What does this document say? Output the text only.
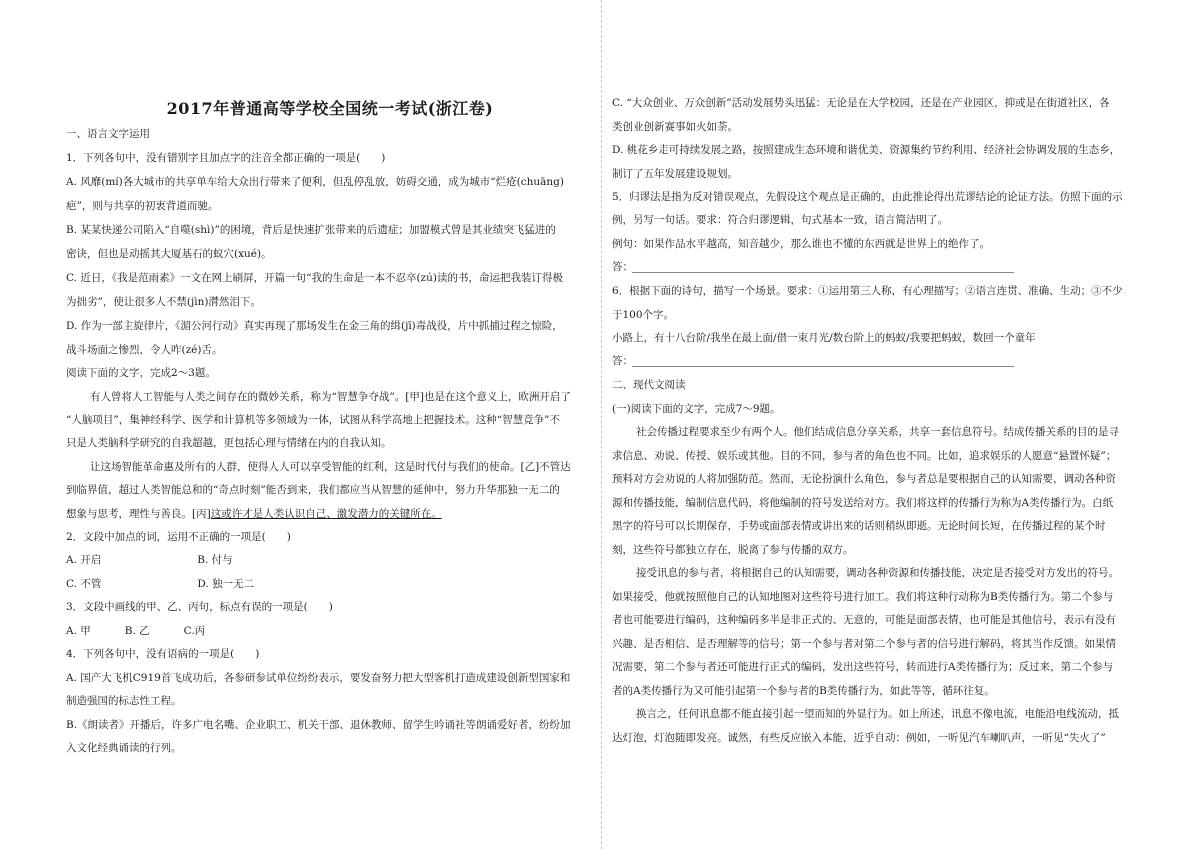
2017年普通高等学校全国统一考试(浙江卷)
一、语言文字运用
1．下列各句中，没有错别字且加点字的注音全都正确的一项是(　　)
A. 风靡(mí)各大城市的共享单车给大众出行带来了便利，但乱停乱放，妨碍交通，成为城市“烂疮(chuāng)
疤”，则与共享的初衷背道而驰。
B. 某某快递公司陷入“自噬(shì)”的困境，背后是快速扩张带来的后遗症；加盟模式曾是其业绩突飞猛进的
密诀，但也是动摇其大厦基石的蚁穴(xué)。
C. 近日，《我是范雨素》一文在网上刷屏，开篇一句“我的生命是一本不忍卒(zú)读的书，命运把我装订得极
为拙劣”，使让很多人不禁(jìn)潸然泪下。
D. 作为一部主旋律片，《湄公河行动》真实再现了那场发生在金三角的缉(jī)毒战役，片中抓捕过程之惊险，
战斗场面之惨烈，令人咋(zé)舌。
阅读下面的文字，完成2～3题。
有人曾将人工智能与人类之间存在的微妙关系，称为“智慧争夺战”。[甲]也是在这个意义上，欧洲开启了
“人脑项目”，集神经科学、医学和计算机等多领域为一体，试图从科学高地上把握技术。这种“智慧竞争”不
只是人类脑科学研究的自我超越，更包括心理与情绪在内的自我认知。
让这场智能革命惠及所有的人群，使得人人可以享受智能的红利，这是时代付与我们的使命。[乙]不管达
到临界值，超过人类智能总和的“奇点时刻”能否到来，我们都应当从智慧的延伸中，努力升华那独一无二的
想象与思考，理性与善良。[丙]这或许才是人类认识自己、激发潜力的关键所在。
2．文段中加点的词，运用不正确的一项是(　　)
A. 开启	B. 付与
C. 不管	D. 独一无二
3．文段中画线的甲、乙、丙句，标点有误的一项是(　　)
A. 甲	B. 乙	C.丙
4．下列各句中，没有语病的一项是(　　)
A. 国产大飞机C919首飞成功后，各参研参试单位纷纷表示，要发奋努力把大型客机打造成建设创新型国家和
制造强国的标志性工程。
B.《朗读者》开播后，许多广电名嘴、企业职工、机关干部、退休教师、留学生吟诵社等朗诵爱好者，纷纷加
入文化经典诵读的行列。
C. “大众创业、万众创新”活动发展势头迅猛：无论是在大学校园，还是在产业园区，抑或是在街道社区，各
类创业创新赛事如火如荼。
D. 桃花乡走可持续发展之路，按照建成生态环境和谐优美、资源集约节约利用、经济社会协调发展的生态乡，
制订了五年发展建设规划。
5．归谬法是指为反对错误观点，先假设这个观点是正确的，由此推论得出荒谬结论的论证方法。仿照下面的示
例，另写一句话。要求：符合归谬逻辑，句式基本一致，语言简洁明了。
例句：如果作品水平越高，知音越少，那么谁也不懂的东西就是世界上的绝作了。
答：
6．根据下面的诗句，描写一个场景。要求：①运用第三人称，有心理描写；②语言连贯、准确、生动；③不少
于100个字。
小路上，有十八台阶/我坐在最上面/借一束月光/数台阶上的蚂蚁/我要把蚂蚁，数回一个童年
答：
二、现代文阅读
(一)阅读下面的文字，完成7～9题。
社会传播过程要求至少有两个人。他们结成信息分享关系，共享一套信息符号。结成传播关系的目的是寻
求信息、劝说、传授、娱乐或其他。目的不同，参与者的角色也不同。比如，追求娱乐的人愿意“悬置怀疑”；
预料对方会劝说的人将加强防范。然而，无论扮演什么角色，参与者总是要根据自己的认知需要，调动各种资
源和传播技能，编制信息代码，将他编制的符号发送给对方。我们将这样的传播行为称为A类传播行为。白纸
黑字的符号可以长期保存，手势或面部表情或讲出来的话则稍纵即逝。无论时间长短，在传播过程的某个时
刻，这些符号都独立存在，脱离了参与传播的双方。
接受讯息的参与者，将根据自己的认知需要，调动各种资源和传播技能，决定是否接受对方发出的符号。
如果接受，他就按照他自己的认知地图对这些符号进行加工。我们将这种行动称为B类传播行为。第二个参与
者也可能要进行编码，这种编码多半是非正式的、无意的，可能是面部表情，也可能是其他信号，表示有没有
兴趣、是否相信、是否理解等的信号；第一个参与者对第二个参与者的信号进行解码，将其当作反馈。如果情
况需要，第二个参与者还可能进行正式的编码，发出这些符号，转而进行A类传播行为；反过来，第二个参与
者的A类传播行为又可能引起第一个参与者的B类传播行为，如此等等，循环往复。
换言之，任何讯息都不能直接引起一望而知的外显行为。如上所述，讯息不像电流，电能沿电线流动，抵
达灯泡，灯泡随即发亮。诚然，有些反应嵌入本能，近乎自动：例如，一听见汽车喇叭声，一听见“失火了”
